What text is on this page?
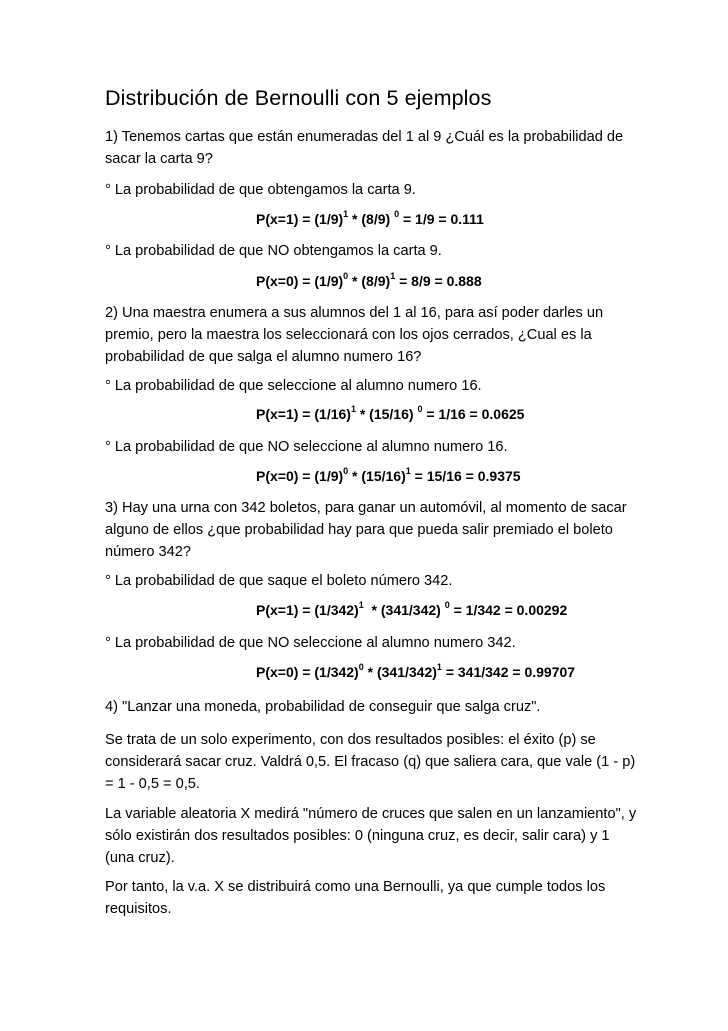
Distribución de Bernoulli con 5 ejemplos

1) Tenemos cartas que están enumeradas del 1 al 9 ¿Cuál es la probabilidad de sacar la carta 9?

° La probabilidad de que obtengamos la carta 9.

$P(x=1) = (1/9)^1 * (8/9) ^0 = 1/9 = 0.111$

° La probabilidad de que NO obtengamos la carta 9.

$P(x=0) = (1/9)^0 * (8/9)^1 = 8/9 = 0.888$

2) Una maestra enumera a sus alumnos del 1 al 16, para así poder darles un premio, pero la maestra los seleccionará con los ojos cerrados, ¿Cual es la probabilidad de que salga el alumno numero 16?

° La probabilidad de que seleccione al alumno numero 16.

$P(x=1) = (1/16)^1 * (15/16) ^0 = 1/16 = 0.0625$

° La probabilidad de que NO seleccione al alumno numero 16.

$P(x=0) = (1/9)^0 * (15/16)^1 = 15/16 = 0.9375$

3) Hay una urna con 342 boletos, para ganar un automóvil, al momento de sacar alguno de ellos ¿que probabilidad hay para que pueda salir premiado el boleto número 342?

° La probabilidad de que saque el boleto número 342.

$P(x=1) = (1/342)^1 * (341/342) ^0 = 1/342 = 0.00292$

° La probabilidad de que NO seleccione al alumno numero 342.

$P(x=0) = (1/342)^0 * (341/342)^1 = 341/342 = 0.99707$

4) "Lanzar una moneda, probabilidad de conseguir que salga cruz".

Se trata de un solo experimento, con dos resultados posibles: el éxito (p) se considerará sacar cruz. Valdrá 0,5. El fracaso (q) que saliera cara, que vale (1 - p) = 1 - 0,5 = 0,5.

La variable aleatoria X medirá "número de cruces que salen en un lanzamiento", y sólo existirán dos resultados posibles: 0 (ninguna cruz, es decir, salir cara) y 1 (una cruz).

Por tanto, la v.a. X se distribuirá como una Bernoulli, ya que cumple todos los requisitos.
